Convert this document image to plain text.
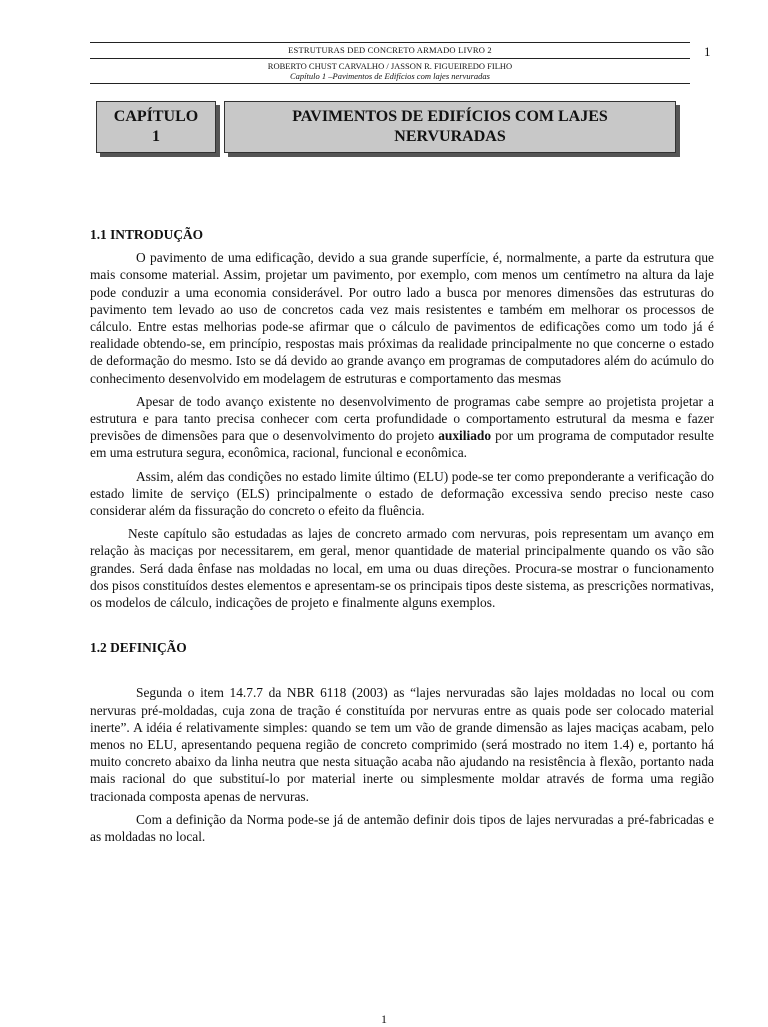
ESTRUTURAS DED CONCRETO ARMADO LIVRO 2
ROBERTO CHUST CARVALHO / JASSON R. FIGUEIREDO FILHO
Capítulo 1 –Pavimentos de Edifícios com lajes nervuradas
1
CAPÍTULO
1
PAVIMENTOS DE EDIFÍCIOS COM LAJES
NERVURADAS
1.1 INTRODUÇÃO

O pavimento de uma edificação, devido a sua grande superfície, é, normalmente, a parte da estrutura que mais consome material. Assim, projetar um pavimento, por exemplo, com menos um centímetro na altura da laje pode conduzir a uma economia considerável. Por outro lado a busca por menores dimensões das estruturas do pavimento tem levado ao uso de concretos cada vez mais resistentes e também em melhorar os processos de cálculo. Entre estas melhorias pode-se afirmar que o cálculo de pavimentos de edificações como um todo já é realidade obtendo-se, em princípio, respostas mais próximas da realidade principalmente no que concerne o estado de deformação do mesmo. Isto se dá devido ao grande avanço em programas de computadores além do acúmulo do conhecimento desenvolvido em modelagem de estruturas e comportamento das mesmas

Apesar de todo avanço existente no desenvolvimento de programas cabe sempre ao projetista projetar a estrutura e para tanto precisa conhecer com certa profundidade o comportamento estrutural da mesma e fazer previsões de dimensões para que o desenvolvimento do projeto auxiliado por um programa de computador resulte em uma estrutura segura, econômica, racional, funcional e econômica.

Assim, além das condições no estado limite último (ELU) pode-se ter como preponderante a verificação do estado limite de serviço (ELS) principalmente o estado de deformação excessiva sendo preciso neste caso considerar além da fissuração do concreto o efeito da fluência.

Neste capítulo são estudadas as lajes de concreto armado com nervuras, pois representam um avanço em relação às maciças por necessitarem, em geral, menor quantidade de material principalmente quando os vão são grandes. Será dada ênfase nas moldadas no local, em uma ou duas direções. Procura-se mostrar o funcionamento dos pisos constituídos destes elementos e apresentam-se os principais tipos deste sistema, as prescrições normativas, os modelos de cálculo, indicações de projeto e finalmente alguns exemplos.

1.2 DEFINIÇÃO

Segunda o item 14.7.7 da NBR 6118 (2003) as “lajes nervuradas são lajes moldadas no local ou com nervuras pré-moldadas, cuja zona de tração é constituída por nervuras entre as quais pode ser colocado material inerte”. A idéia é relativamente simples: quando se tem um vão de grande dimensão as lajes maciças acabam, pelo menos no ELU, apresentando pequena região de concreto comprimido (será mostrado no item 1.4) e, portanto há muito concreto abaixo da linha neutra que nesta situação acaba não ajudando na resistência à flexão, portanto nada mais racional do que substituí-lo por material inerte ou simplesmente moldar através de forma uma região tracionada composta apenas de nervuras.

Com a definição da Norma pode-se já de antemão definir dois tipos de lajes nervuradas a pré-fabricadas e as moldadas no local.

1
